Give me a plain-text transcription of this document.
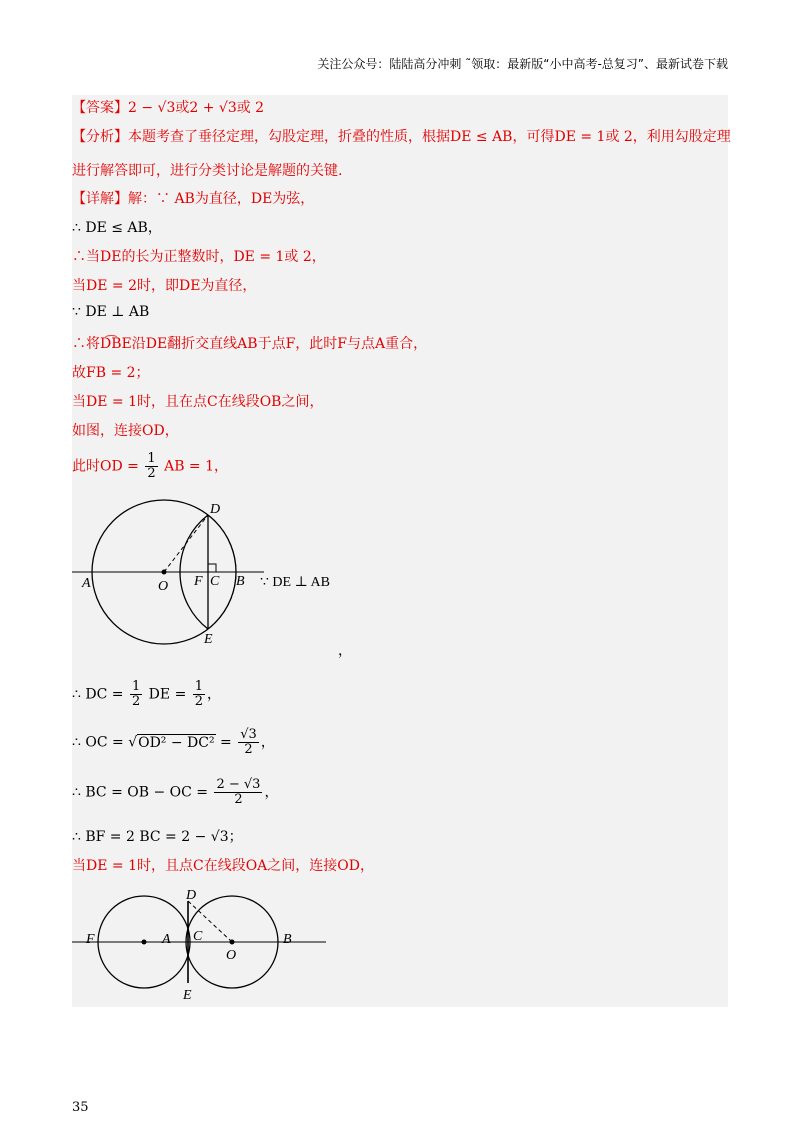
关注公众号：陆陆高分冲刺 ˜领取：最新版“小中高考-总复习”、最新试卷下载
【答案】2 − √3或2 + √3或 2
【分析】本题考查了垂径定理，勾股定理，折叠的性质，根据DE ≤ AB，可得DE = 1或 2，利用勾股定理
进行解答即可，进行分类讨论是解题的关键.
【详解】解：∵ AB为直径，DE为弦，
∴ DE ≤ AB，
∴当DE的长为正整数时，DE = 1或 2，
当DE = 2时，即DE为直径，
∵ DE ⊥ AB
∴将D͡BE沿DE翻折交直线AB于点F，此时F与点A重合，
故FB = 2；
当DE = 1时，且在点C在线段OB之间，
如图，连接OD，
此时OD = $\frac{1}{2}$ AB = 1，
A	O F C B
D
E
∵ DE ⊥ AB
，
∴ DC = $\frac{1}{2}$ DE = $\frac{1}{2}$ ，
∴ OC = $√OD^2 - DC^2 = \frac{√3}{2}$ ，
∴ BC = OB − OC = $\frac{2 - √3}{2}$ ，
∴ BF = 2 BC = 2 − √3；
当DE = 1时，且点C在线段OA之间，连接OD，
F	A C
O
B
D
E
35
